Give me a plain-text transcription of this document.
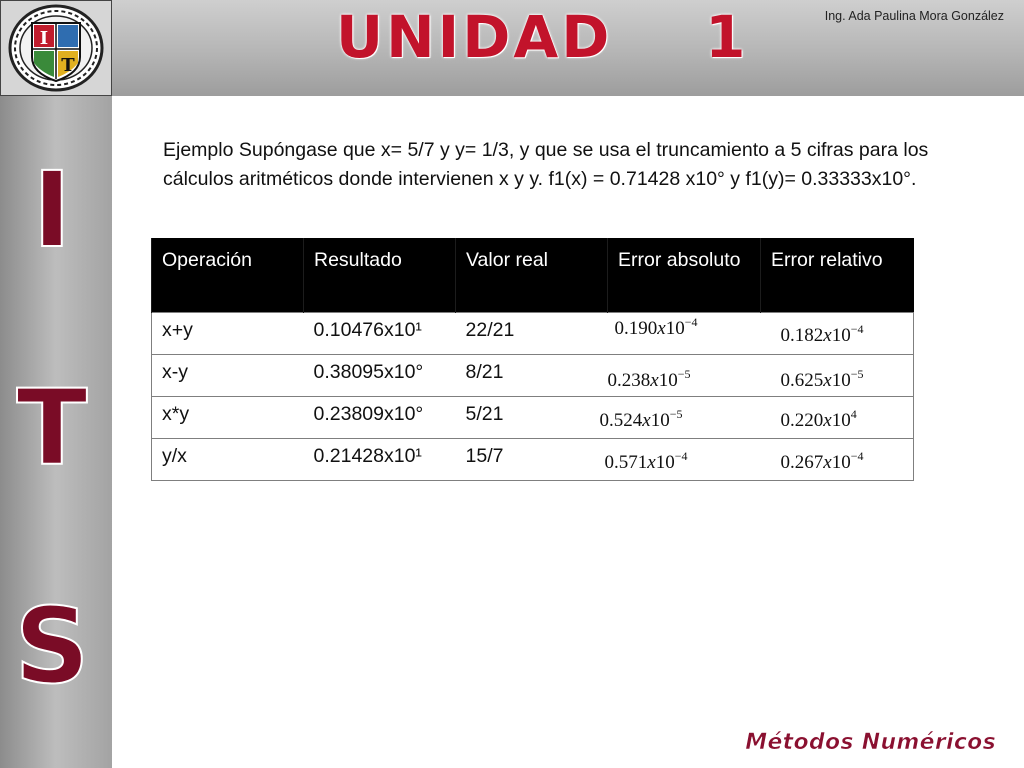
I
T	UNIDAD    1	Ing. Ada Paulina Mora González
I
T
S

Ejemplo Supóngase que x= 5/7 y y= 1/3, y que se usa el truncamiento a 5 cifras para los cálculos aritméticos donde intervienen x y y. f1(x) = 0.71428 x10° y f1(y)= 0.33333x10°.

Operación	Resultado	Valor real	Error absoluto	Error relativo
x+y	0.10476x10¹	22/21	$0.190x10^{-4}$	$0.182x10^{-4}$

x-y	0.38095x10°	8/21	$0.238x10^{-5}$	$0.625x10^{-5}$

x*y	0.23809x10°	5/21	$0.524x10^{-5}$	$0.220x10^4$

y/x	0.21428x10¹	15/7	$0.571x10^{-4}$	$0.267x10^{-4}$
Métodos Numéricos
